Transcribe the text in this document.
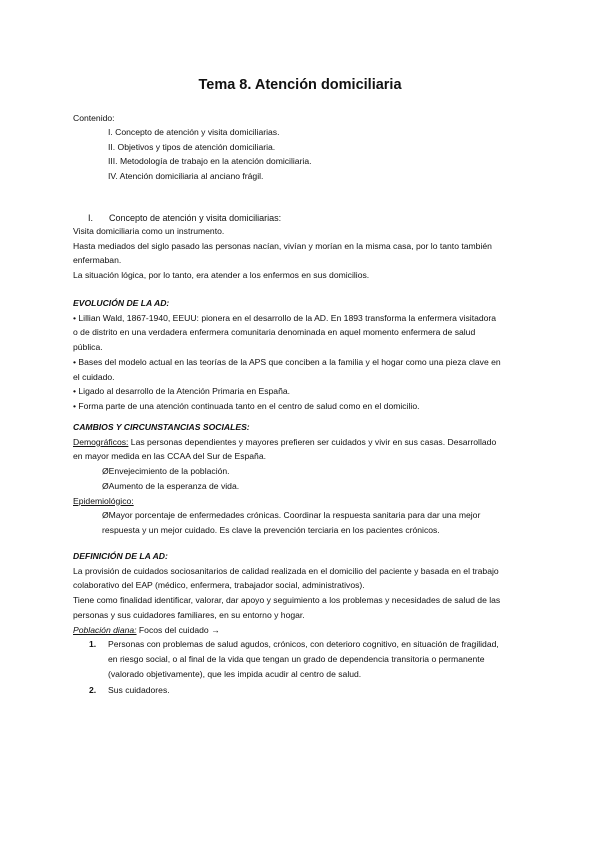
Tema 8. Atención domiciliaria
Contenido:
I. Concepto de atención y visita domiciliarias.
II. Objetivos y tipos de atención domiciliaria.
III. Metodología de trabajo en la atención domiciliaria.
IV. Atención domiciliaria al anciano frágil.
I. Concepto de atención y visita domiciliarias:
Visita domiciliaria como un instrumento.
Hasta mediados del siglo pasado las personas nacían, vivían y morían en la misma casa, por lo tanto también
enfermaban.
La situación lógica, por lo tanto, era atender a los enfermos en sus domicilios.
EVOLUCIÓN DE LA AD:
• Lillian Wald, 1867-1940, EEUU: pionera en el desarrollo de la AD. En 1893 transforma la enfermera visitadora
o de distrito en una verdadera enfermera comunitaria denominada en aquel momento enfermera de salud
pública.
• Bases del modelo actual en las teorías de la APS que conciben a la familia y el hogar como una pieza clave en
el cuidado.
• Ligado al desarrollo de la Atención Primaria en España.
• Forma parte de una atención continuada tanto en el centro de salud como en el domicilio.
CAMBIOS Y CIRCUNSTANCIAS SOCIALES:
Demográficos: Las personas dependientes y mayores prefieren ser cuidados y vivir en sus casas. Desarrollado
en mayor medida en las CCAA del Sur de España.
ØEnvejecimiento de la población.
ØAumento de la esperanza de vida.
Epidemiológico:
ØMayor porcentaje de enfermedades crónicas. Coordinar la respuesta sanitaria para dar una mejor
respuesta y un mejor cuidado. Es clave la prevención terciaria en los pacientes crónicos.
DEFINICIÓN DE LA AD:
La provisión de cuidados sociosanitarios de calidad realizada en el domicilio del paciente y basada en el trabajo
colaborativo del EAP (médico, enfermera, trabajador social, administrativos).
Tiene como finalidad identificar, valorar, dar apoyo y seguimiento a los problemas y necesidades de salud de las
personas y sus cuidadores familiares, en su entorno y hogar.
Población diana: Focos del cuidado →
1. Personas con problemas de salud agudos, crónicos, con deterioro cognitivo, en situación de fragilidad,
en riesgo social, o al final de la vida que tengan un grado de dependencia transitoria o permanente
(valorado objetivamente), que les impida acudir al centro de salud.
2. Sus cuidadores.
